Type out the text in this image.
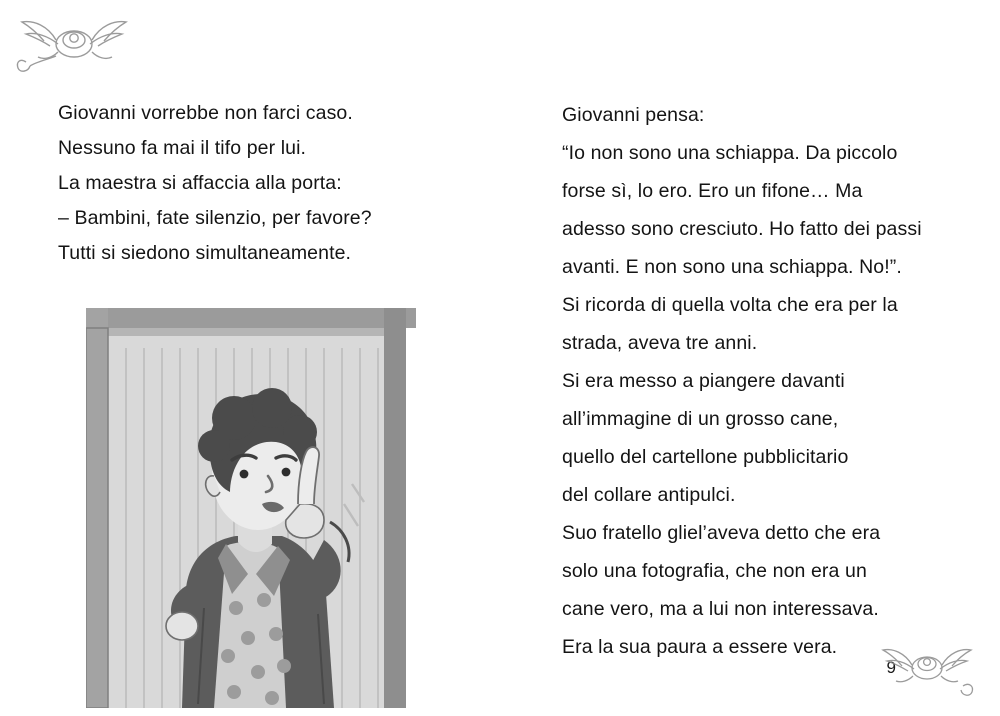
Giovanni vorrebbe non farci caso.
Nessuno fa mai il tifo per lui.
La maestra si affaccia alla porta:
– Bambini, fate silenzio, per favore?
Tutti si siedono simultaneamente.

Giovanni pensa:
“Io non sono una schiappa. Da piccolo
forse sì, lo ero. Ero un fifone… Ma
adesso sono cresciuto. Ho fatto dei passi
avanti. E non sono una schiappa. No!”.
Si ricorda di quella volta che era per la
strada, aveva tre anni.
Si era messo a piangere davanti
all’immagine di un grosso cane,
quello del cartellone pubblicitario
del collare antipulci.
Suo fratello gliel’aveva detto che era
solo una fotografia, che non era un
cane vero, ma a lui non interessava.
Era la sua paura a essere vera.

9
